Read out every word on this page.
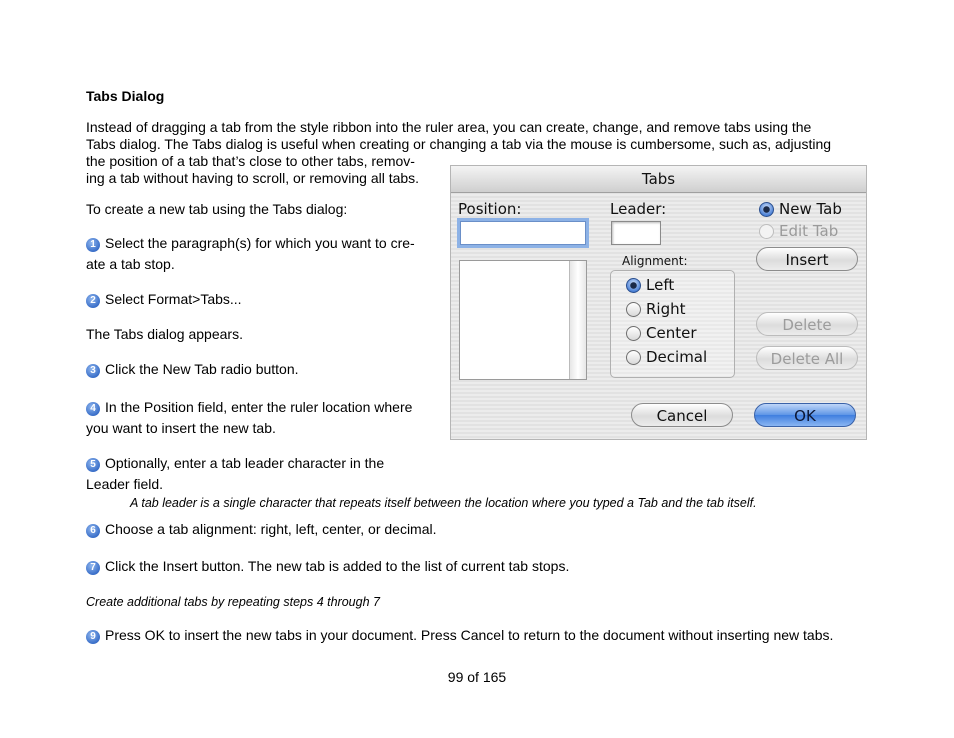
Tabs Dialog
Instead of dragging a tab from the style ribbon into the ruler area, you can create, change, and remove tabs using the
Tabs dialog. The Tabs dialog is useful when creating or changing a tab via the mouse is cumbersome, such as, adjusting
the position of a tab that’s close to other tabs, remov-
ing a tab without having to scroll, or removing all tabs.
To create a new tab using the Tabs dialog:
1 Select the paragraph(s) for which you want to cre-
ate a tab stop.
2 Select Format>Tabs...
The Tabs dialog appears.
3 Click the New Tab radio button.
4 In the Position field, enter the ruler location where
you want to insert the new tab.
5 Optionally, enter a tab leader character in the
Leader field.
A tab leader is a single character that repeats itself between the location where you typed a Tab and the tab itself.
6 Choose a tab alignment: right, left, center, or decimal.
7 Click the Insert button. The new tab is added to the list of current tab stops.
Create additional tabs by repeating steps 4 through 7
9 Press OK to insert the new tabs in your document. Press Cancel to return to the document without inserting new tabs.
99 of 165
Tabs
Position:	Leader:
Alignment:
Left
Right
Center
Decimal
New Tab
Edit Tab
Insert
Delete
Delete All
Cancel	OK
